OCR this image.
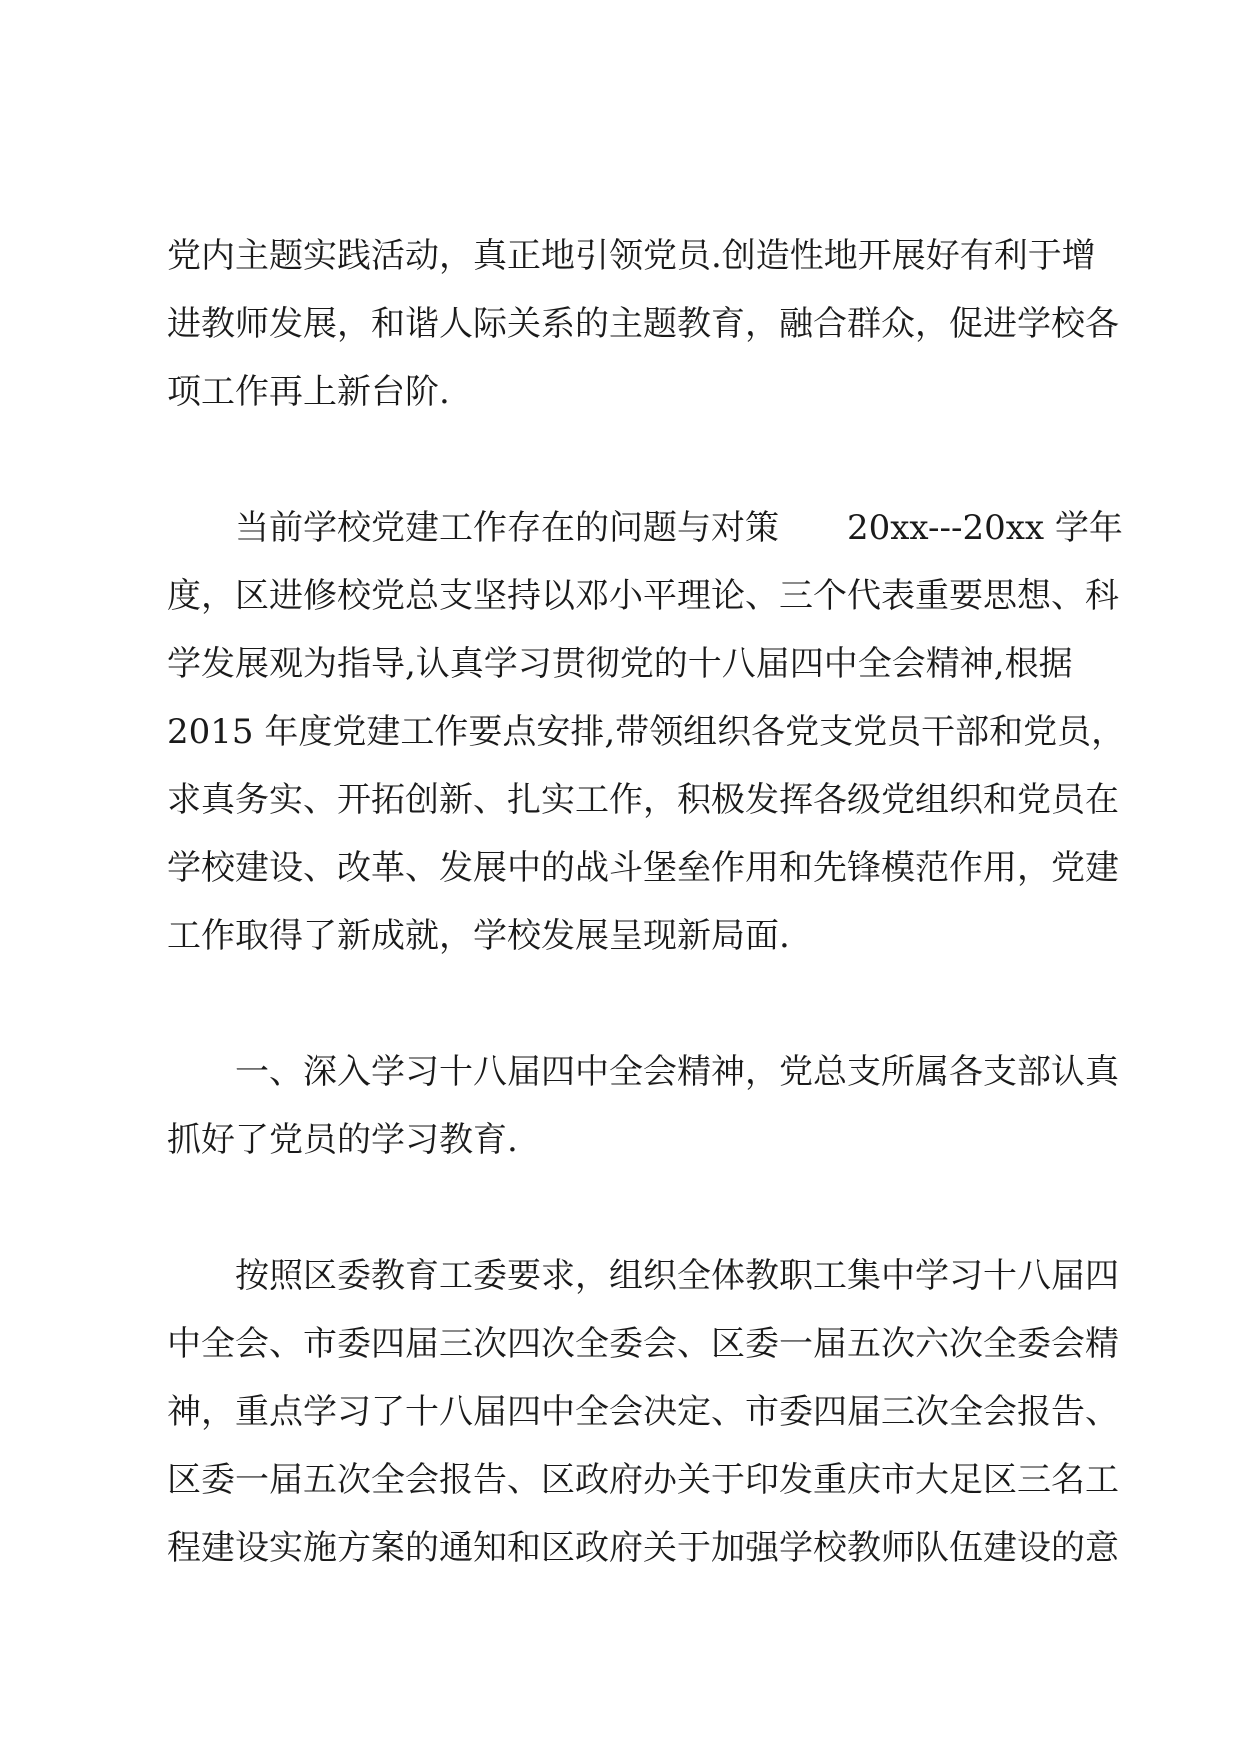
党内主题实践活动，真正地引领党员.创造性地开展好有利于增
进教师发展，和谐人际关系的主题教育，融合群众，促进学校各
项工作再上新台阶.
当前学校党建工作存在的问题与对策　　20xx---20xx 学年
度，区进修校党总支坚持以邓小平理论、三个代表重要思想、科
学发展观为指导,认真学习贯彻党的十八届四中全会精神,根据
2015 年度党建工作要点安排,带领组织各党支党员干部和党员，
求真务实、开拓创新、扎实工作，积极发挥各级党组织和党员在
学校建设、改革、发展中的战斗堡垒作用和先锋模范作用，党建
工作取得了新成就，学校发展呈现新局面.
一、深入学习十八届四中全会精神，党总支所属各支部认真
抓好了党员的学习教育.
按照区委教育工委要求，组织全体教职工集中学习十八届四
中全会、市委四届三次四次全委会、区委一届五次六次全委会精
神，重点学习了十八届四中全会决定、市委四届三次全会报告、
区委一届五次全会报告、区政府办关于印发重庆市大足区三名工
程建设实施方案的通知和区政府关于加强学校教师队伍建设的意
